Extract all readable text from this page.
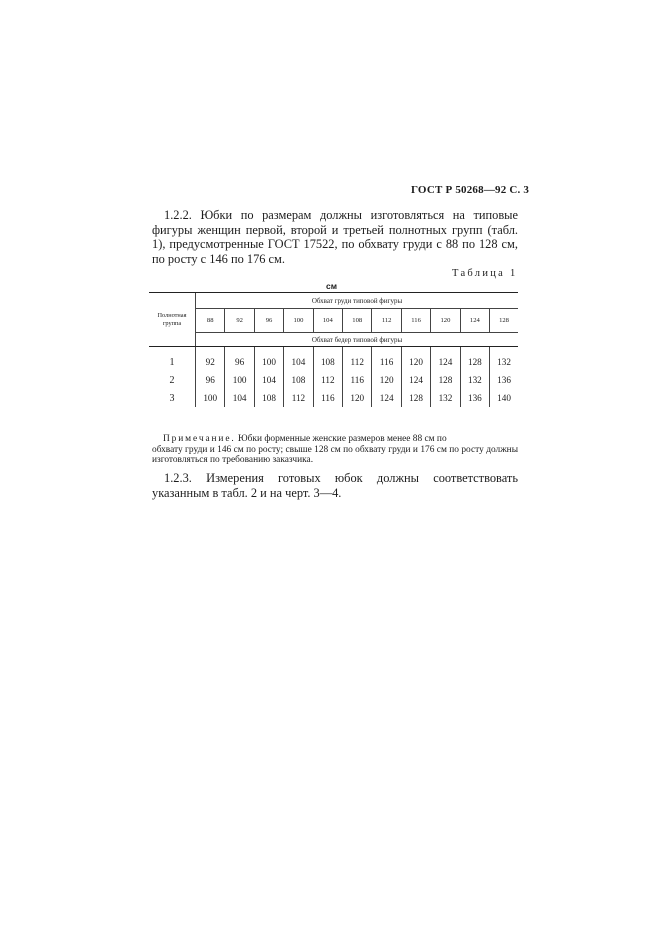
ГОСТ Р 50268—92 С. 3
1.2.2. Юбки по размерам должны изготовляться на типовые фигуры женщин первой, второй и третьей полнотных групп (табл. 1), предусмотренные ГОСТ 17522, по обхвату груди с 88 по 128 см, по росту с 146 по 176 см.
Таблица 1
см
Полнотная группа	Обхват груди типовой фигуры										
	88	92	96	100	104	108	112	116	120	124	128
	Обхват бедер типовой фигуры										
1	92	96	100	104	108	112	116	120	124	128	132
2	96	100	104	108	112	116	120	124	128	132	136
3	100	104	108	112	116	120	124	128	132	136	140
Примечание. Юбки форменные женские размеров менее 88 см по
обхвату груди и 146 см по росту; свыше 128 см по обхвату груди и 176 см по росту должны изготовляться по требованию заказчика.
1.2.3. Измерения готовых юбок должны соответствовать указанным в табл. 2 и на черт. 3—4.
